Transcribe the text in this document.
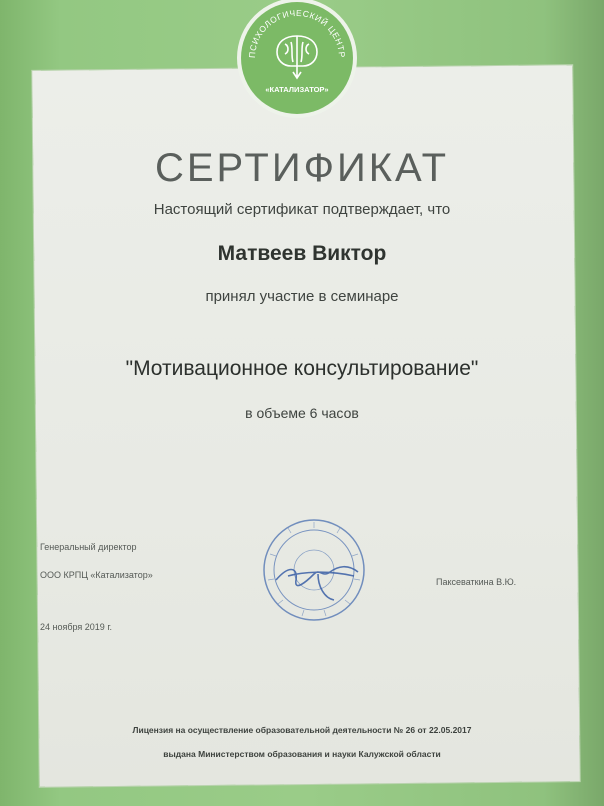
ПСИХОЛОГИЧЕСКИЙ ЦЕНТР
«КАТАЛИЗАТОР»
СЕРТИФИКАТ
Настоящий сертификат подтверждает, что
Матвеев Виктор
принял участие в семинаре
"Мотивационное консультирование"
в объеме 6 часов
Генеральный директор
ООО КРПЦ «Катализатор»
24 ноября 2019 г.
Паксеваткина В.Ю.
Лицензия на осуществление образовательной деятельности № 26 от 22.05.2017
выдана Министерством образования и науки Калужской области
